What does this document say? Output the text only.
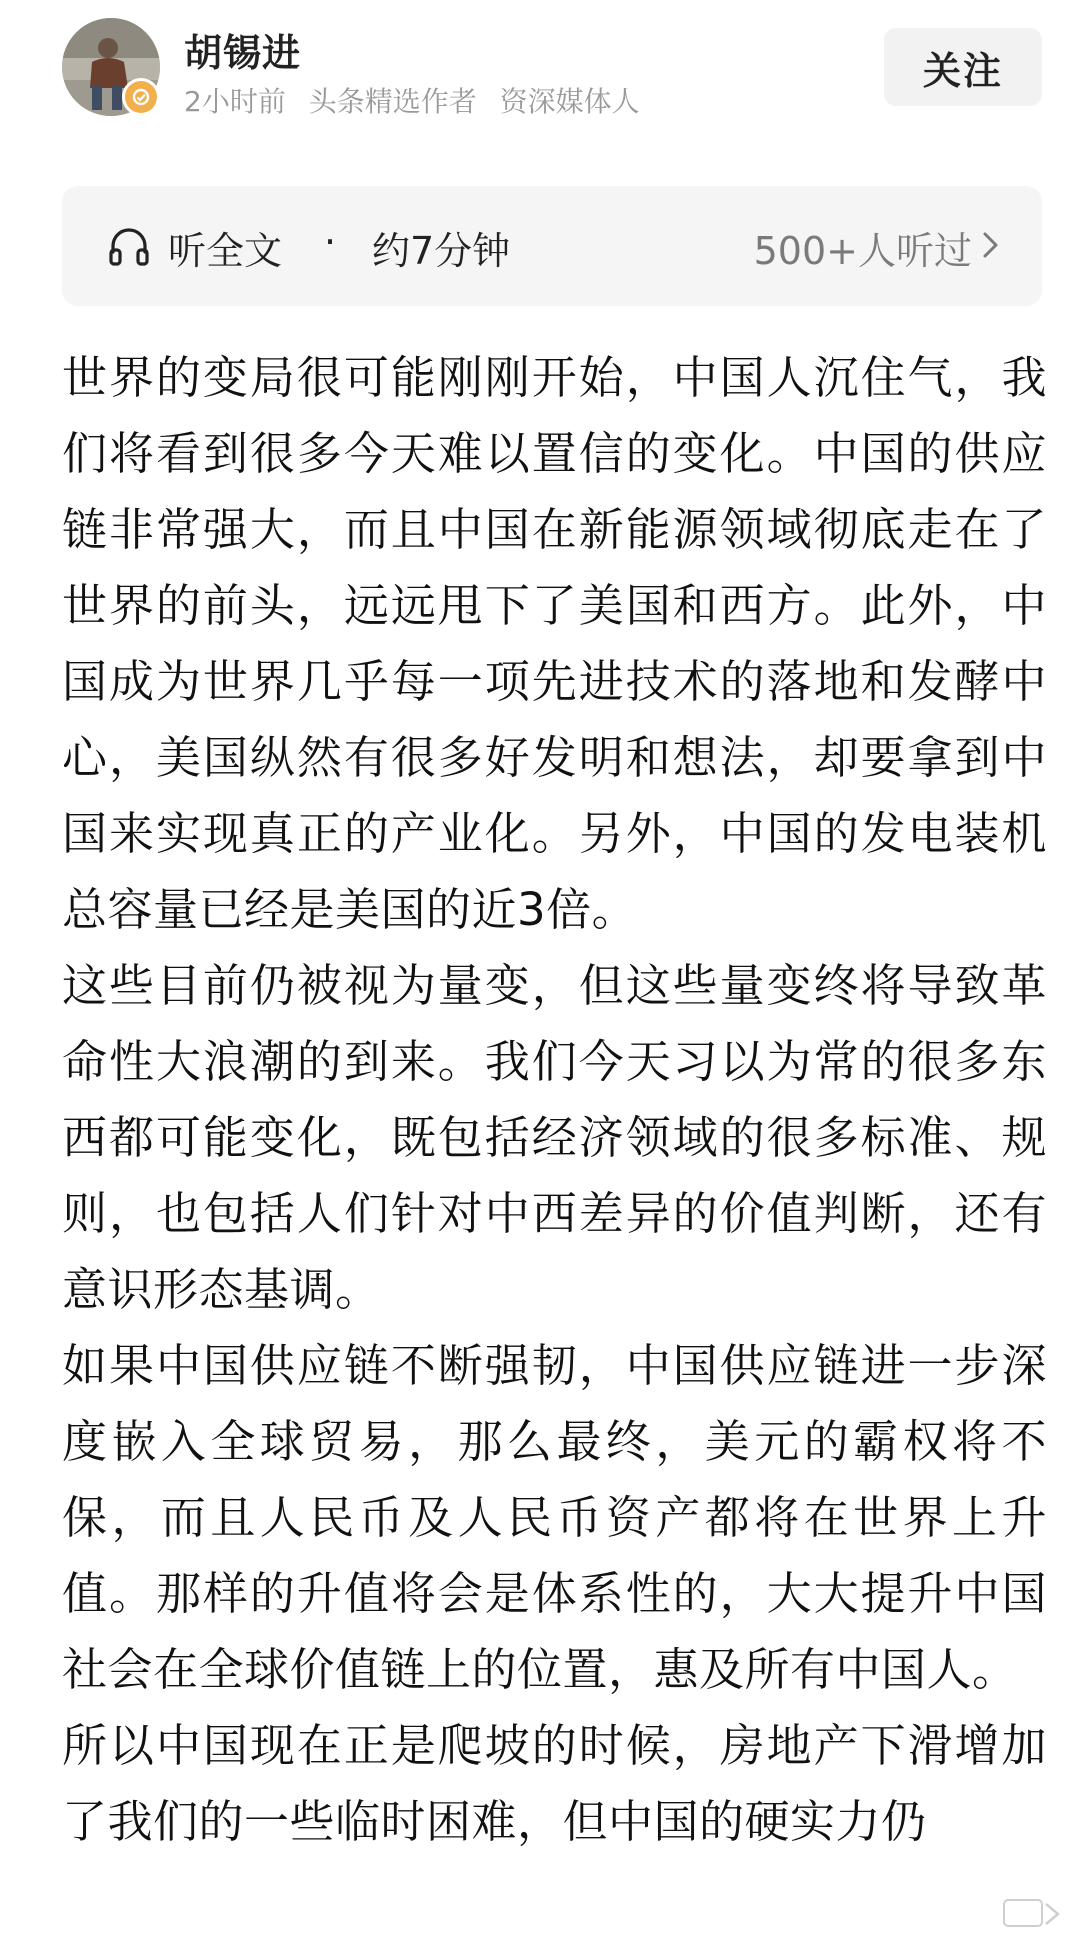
胡锡进
2小时前 头条精选作者 资深媒体人
关注
听全文 · 约7分钟	500+人听过

世界的变局很可能刚刚开始，中国人沉住气，我们将看到很多今天难以置信的变化。中国的供应链非常强大，而且中国在新能源领域彻底走在了世界的前头，远远甩下了美国和西方。此外，中国成为世界几乎每一项先进技术的落地和发酵中心，美国纵然有很多好发明和想法，却要拿到中国来实现真正的产业化。另外，中国的发电装机总容量已经是美国的近3倍。

这些目前仍被视为量变，但这些量变终将导致革命性大浪潮的到来。我们今天习以为常的很多东西都可能变化，既包括经济领域的很多标准、规则，也包括人们针对中西差异的价值判断，还有意识形态基调。

如果中国供应链不断强韧，中国供应链进一步深度嵌入全球贸易，那么最终，美元的霸权将不保，而且人民币及人民币资产都将在世界上升值。那样的升值将会是体系性的，大大提升中国社会在全球价值链上的位置，惠及所有中国人。

所以中国现在正是爬坡的时候，房地产下滑增加了我们的一些临时困难，但中国的硬实力仍
